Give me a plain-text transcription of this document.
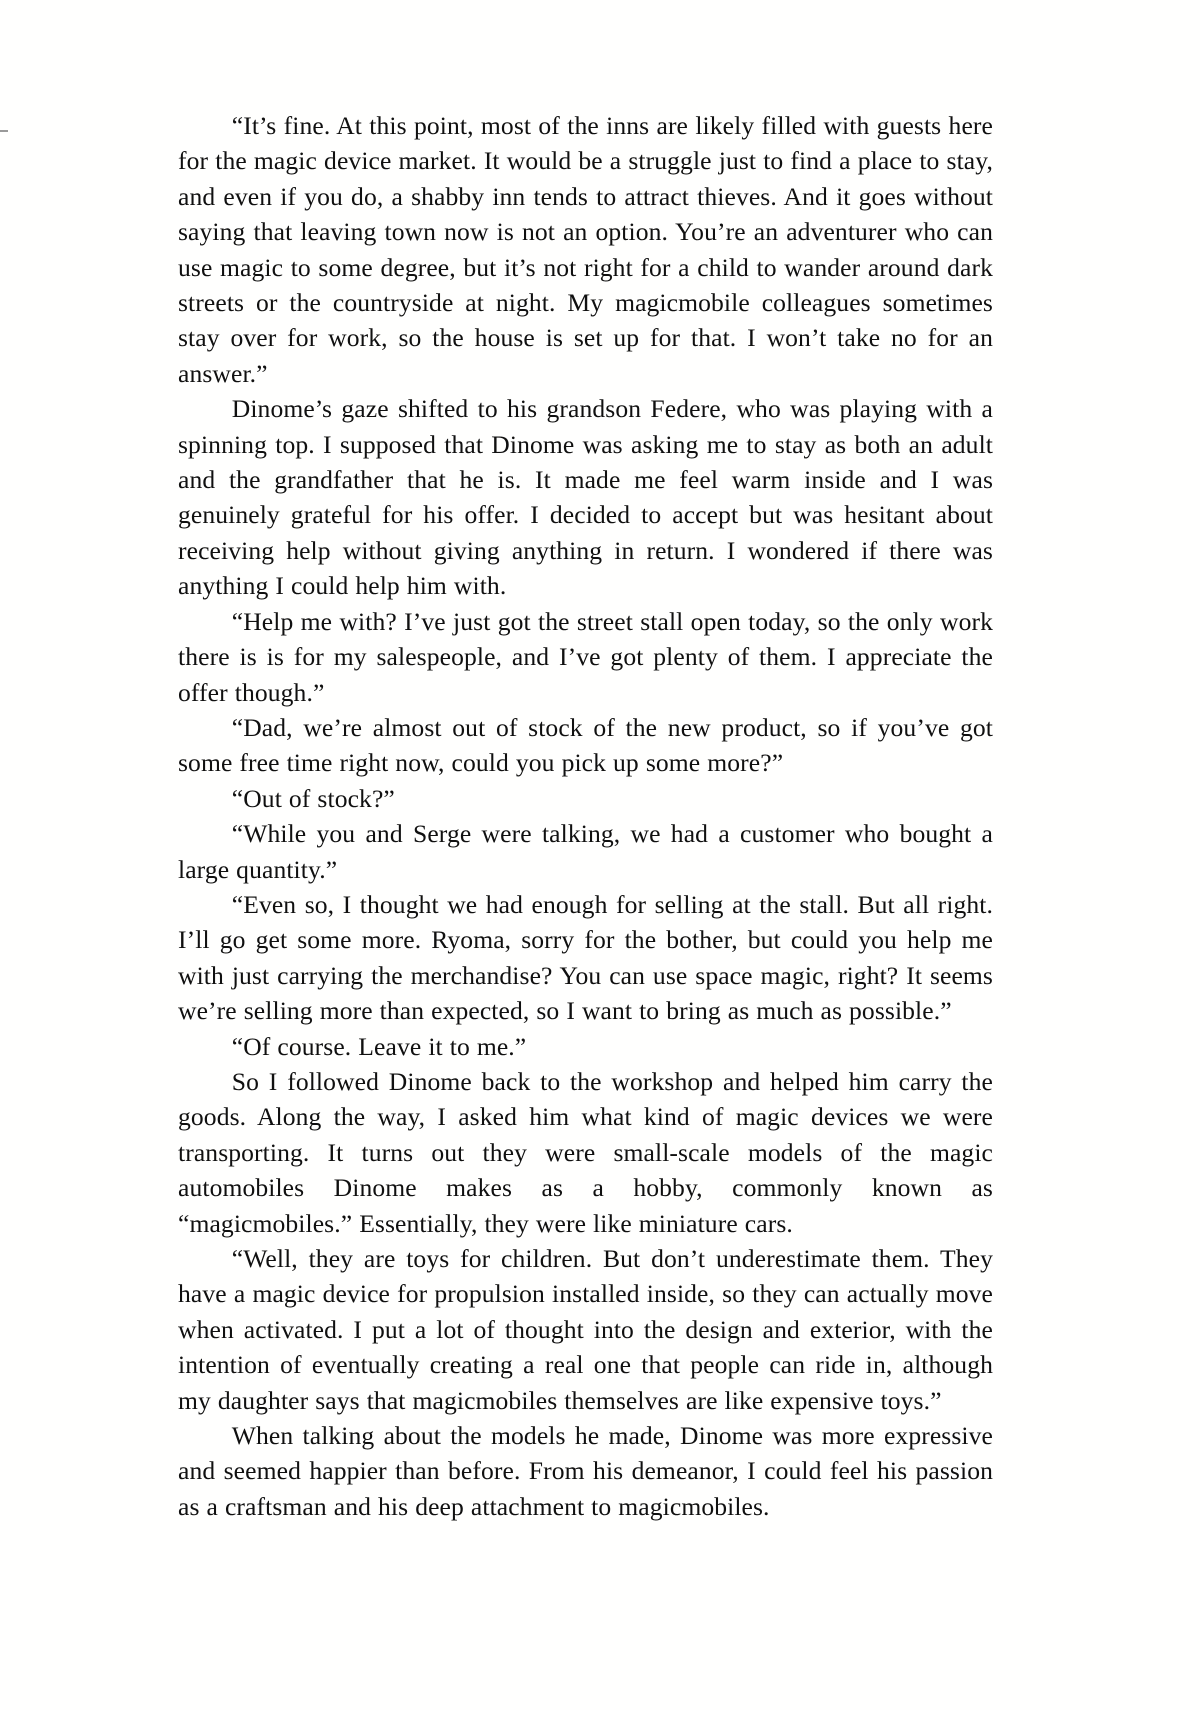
“It’s fine. At this point, most of the inns are likely filled with guests here for the magic device market. It would be a struggle just to find a place to stay, and even if you do, a shabby inn tends to attract thieves. And it goes without saying that leaving town now is not an option. You’re an adventurer who can use magic to some degree, but it’s not right for a child to wander around dark streets or the countryside at night. My magicmobile colleagues sometimes stay over for work, so the house is set up for that. I won’t take no for an answer.”

Dinome’s gaze shifted to his grandson Federe, who was playing with a spinning top. I supposed that Dinome was asking me to stay as both an adult and the grandfather that he is. It made me feel warm inside and I was genuinely grateful for his offer. I decided to accept but was hesitant about receiving help without giving anything in return. I wondered if there was anything I could help him with.

“Help me with? I’ve just got the street stall open today, so the only work there is is for my salespeople, and I’ve got plenty of them. I appreciate the offer though.”

“Dad, we’re almost out of stock of the new product, so if you’ve got some free time right now, could you pick up some more?”

“Out of stock?”

“While you and Serge were talking, we had a customer who bought a large quantity.”

“Even so, I thought we had enough for selling at the stall. But all right. I’ll go get some more. Ryoma, sorry for the bother, but could you help me with just carrying the merchandise? You can use space magic, right? It seems we’re selling more than expected, so I want to bring as much as possible.”

“Of course. Leave it to me.”

So I followed Dinome back to the workshop and helped him carry the goods. Along the way, I asked him what kind of magic devices we were transporting. It turns out they were small-scale models of the magic automobiles Dinome makes as a hobby, commonly known as “magicmobiles.” Essentially, they were like miniature cars.

“Well, they are toys for children. But don’t underestimate them. They have a magic device for propulsion installed inside, so they can actually move when activated. I put a lot of thought into the design and exterior, with the intention of eventually creating a real one that people can ride in, although my daughter says that magicmobiles themselves are like expensive toys.”

When talking about the models he made, Dinome was more expressive and seemed happier than before. From his demeanor, I could feel his passion as a craftsman and his deep attachment to magicmobiles.
